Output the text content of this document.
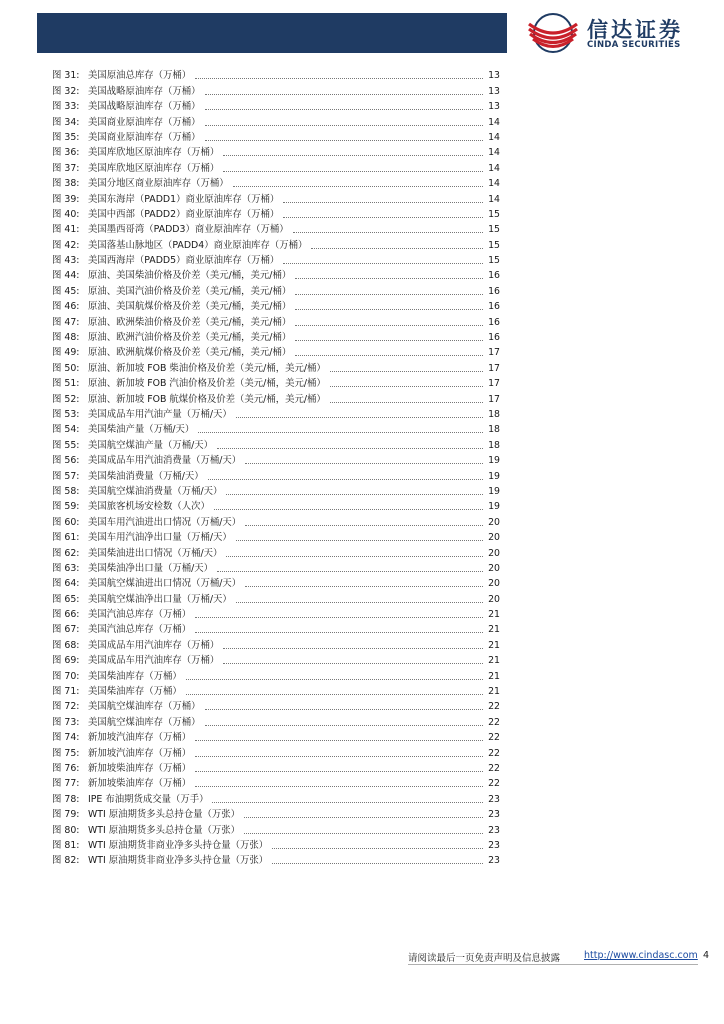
信达证券
CINDA SECURITIES
图 31: 美国原油总库存（万桶）	13
图 32: 美国战略原油库存（万桶）	13
图 33: 美国战略原油库存（万桶）	13
图 34: 美国商业原油库存（万桶）	14
图 35: 美国商业原油库存（万桶）	14
图 36: 美国库欣地区原油库存（万桶）	14
图 37: 美国库欣地区原油库存（万桶）	14
图 38: 美国分地区商业原油库存（万桶）	14
图 39: 美国东海岸（PADD1）商业原油库存（万桶）	14
图 40: 美国中西部（PADD2）商业原油库存（万桶）	15
图 41: 美国墨西哥湾（PADD3）商业原油库存（万桶）	15
图 42: 美国落基山脉地区（PADD4）商业原油库存（万桶）	15
图 43: 美国西海岸（PADD5）商业原油库存（万桶）	15
图 44: 原油、美国柴油价格及价差（美元/桶，美元/桶）	16
图 45: 原油、美国汽油价格及价差（美元/桶，美元/桶）	16
图 46: 原油、美国航煤价格及价差（美元/桶，美元/桶）	16
图 47: 原油、欧洲柴油价格及价差（美元/桶，美元/桶）	16
图 48: 原油、欧洲汽油价格及价差（美元/桶，美元/桶）	16
图 49: 原油、欧洲航煤价格及价差（美元/桶，美元/桶）	17
图 50: 原油、新加坡 FOB 柴油价格及价差（美元/桶，美元/桶）	17
图 51: 原油、新加坡 FOB 汽油价格及价差（美元/桶，美元/桶）	17
图 52: 原油、新加坡 FOB 航煤价格及价差（美元/桶，美元/桶）	17
图 53: 美国成品车用汽油产量（万桶/天）	18
图 54: 美国柴油产量（万桶/天）	18
图 55: 美国航空煤油产量（万桶/天）	18
图 56: 美国成品车用汽油消费量（万桶/天）	19
图 57: 美国柴油消费量（万桶/天）	19
图 58: 美国航空煤油消费量（万桶/天）	19
图 59: 美国旅客机场安检数（人次）	19
图 60: 美国车用汽油进出口情况（万桶/天）	20
图 61: 美国车用汽油净出口量（万桶/天）	20
图 62: 美国柴油进出口情况（万桶/天）	20
图 63: 美国柴油净出口量（万桶/天）	20
图 64: 美国航空煤油进出口情况（万桶/天）	20
图 65: 美国航空煤油净出口量（万桶/天）	20
图 66: 美国汽油总库存（万桶）	21
图 67: 美国汽油总库存（万桶）	21
图 68: 美国成品车用汽油库存（万桶）	21
图 69: 美国成品车用汽油库存（万桶）	21
图 70: 美国柴油库存（万桶）	21
图 71: 美国柴油库存（万桶）	21
图 72: 美国航空煤油库存（万桶）	22
图 73: 美国航空煤油库存（万桶）	22
图 74: 新加坡汽油库存（万桶）	22
图 75: 新加坡汽油库存（万桶）	22
图 76: 新加坡柴油库存（万桶）	22
图 77: 新加坡柴油库存（万桶）	22
图 78: IPE 布油期货成交量（万手）	23
图 79: WTI 原油期货多头总持仓量（万张）	23
图 80: WTI 原油期货多头总持仓量（万张）	23
图 81: WTI 原油期货非商业净多头持仓量（万张）	23
图 82: WTI 原油期货非商业净多头持仓量（万张）	23
请阅读最后一页免责声明及信息披露	http://www.cindasc.com 4
